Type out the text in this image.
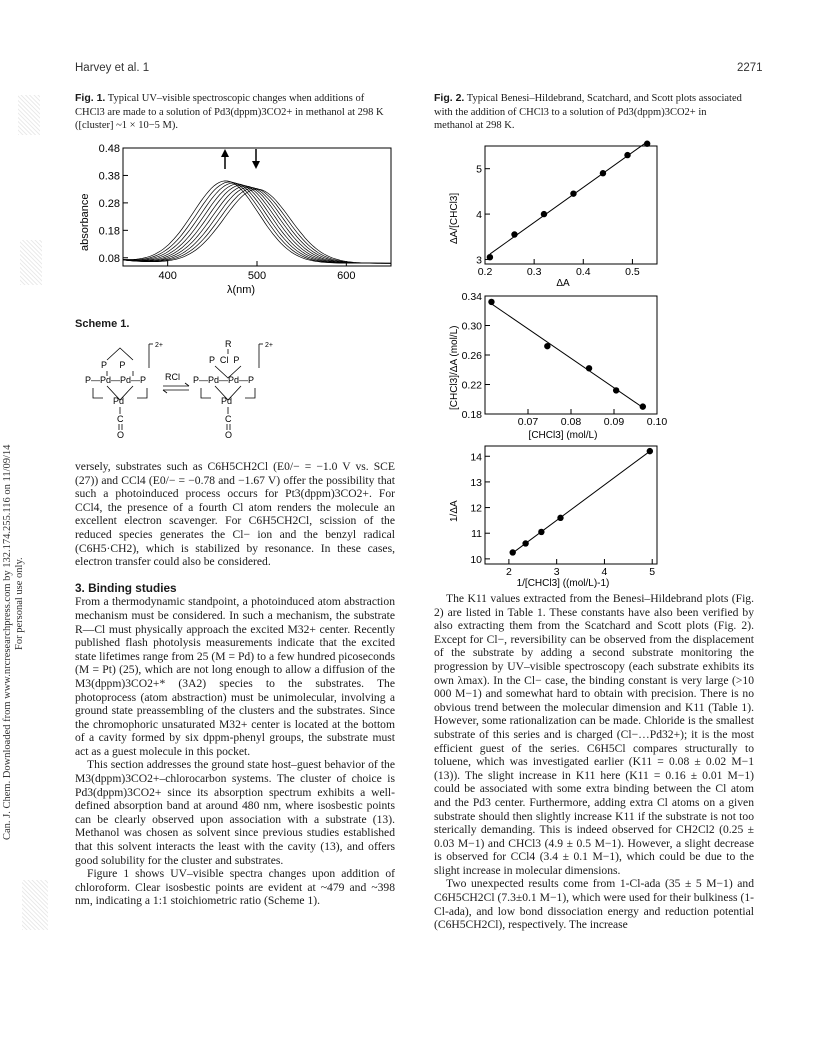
Harvey et al. 1	2271
Can. J. Chem. Downloaded from www.nrcresearchpress.com by 132.174.255.116 on 11/09/14 For personal use only.
Fig. 1. Typical UV–visible spectroscopic changes when additions of CHCl3 are made to a solution of Pd3(dppm)3CO2+ in methanol at 298 K ([cluster] ~1 × 10−5 M).
0.08
0.18
0.28
0.38
0.48
400	500	600
absorbance
λ(nm)
Scheme 1.
2+
P     P
P—Pd—Pd—P
Pd
C
O
RCl
2+
R
P  Cl  P
P—Pd—Pd—P
Pd
C
O

versely, substrates such as C6H5CH2Cl (E0/− = −1.0 V vs. SCE (27)) and CCl4 (E0/− = −0.78 and −1.67 V) offer the possibility that such a photoinduced process occurs for Pt3(dppm)3CO2+. For CCl4, the presence of a fourth Cl atom renders the molecule an excellent electron scavenger. For C6H5CH2Cl, scission of the reduced species generates the Cl− ion and the benzyl radical (C6H5·CH2), which is stabilized by resonance. In these cases, electron transfer could also be considered.

3. Binding studies

From a thermodynamic standpoint, a photoinduced atom abstraction mechanism must be considered. In such a mechanism, the substrate R—Cl must physically approach the excited M32+ center. Recently published flash photolysis measurements indicate that the excited state lifetimes range from 25 (M = Pd) to a few hundred picoseconds (M = Pt) (25), which are not long enough to allow a diffusion of the M3(dppm)3CO2+* (3A2) species to the substrates. The photoprocess (atom abstraction) must be unimolecular, involving a ground state preassembling of the clusters and the substrates. Since the chromophoric unsaturated M32+ center is located at the bottom of a cavity formed by six dppm-phenyl groups, the substrate must act as a guest molecule in this pocket.

This section addresses the ground state host–guest behavior of the M3(dppm)3CO2+–chlorocarbon systems. The cluster of choice is Pd3(dppm)3CO2+ since its absorption spectrum exhibits a well-defined absorption band at around 480 nm, where isosbestic points can be clearly observed upon association with a substrate (13). Methanol was chosen as solvent since previous studies established that this solvent interacts the least with the cavity (13), and offers good solubility for the cluster and substrates.

Figure 1 shows UV–visible spectra changes upon addition of chloroform. Clear isosbestic points are evident at ~479 and ~398 nm, indicating a 1:1 stoichiometric ratio (Scheme 1).

Fig. 2. Typical Benesi–Hildebrand, Scatchard, and Scott plots associated with the addition of CHCl3 to a solution of Pd3(dppm)3CO2+ in methanol at 298 K.
3
4
5
0.2	0.3	0.4	0.5
ΔA/[CHCl3]
ΔA
0.18
0.22
0.26
0.30
0.34
0.07 0.08 0.09 0.10
[CHCl3]/ΔA (mol/L)
[CHCl3] (mol/L)
10
11
12
13
14
2	3	4	5
1/ΔA
1/[CHCl3] ((mol/L)-1)

The K11 values extracted from the Benesi–Hildebrand plots (Fig. 2) are listed in Table 1. These constants have also been verified by also extracting them from the Scatchard and Scott plots (Fig. 2). Except for Cl−, reversibility can be observed from the displacement of the substrate by adding a second substrate monitoring the progression by UV–visible spectroscopy (each substrate exhibits its own λmax). In the Cl− case, the binding constant is very large (>10 000 M−1) and somewhat hard to obtain with precision. There is no obvious trend between the molecular dimension and K11 (Table 1). However, some rationalization can be made. Chloride is the smallest substrate of this series and is charged (Cl−…Pd32+); it is the most efficient guest of the series. C6H5Cl compares structurally to toluene, which was investigated earlier (K11 = 0.08 ± 0.02 M−1 (13)). The slight increase in K11 here (K11 = 0.16 ± 0.01 M−1) could be associated with some extra binding between the Cl atom and the Pd3 center. Furthermore, adding extra Cl atoms on a given substrate should then slightly increase K11 if the substrate is not too sterically demanding. This is indeed observed for CH2Cl2 (0.25 ± 0.03 M−1) and CHCl3 (4.9 ± 0.5 M−1). However, a slight decrease is observed for CCl4 (3.4 ± 0.1 M−1), which could be due to the slight increase in molecular dimensions.

Two unexpected results come from 1-Cl-ada (35 ± 5 M−1) and C6H5CH2Cl (7.3±0.1 M−1), which were used for their bulkiness (1-Cl-ada), and low bond dissociation energy and reduction potential (C6H5CH2Cl), respectively. The increase
